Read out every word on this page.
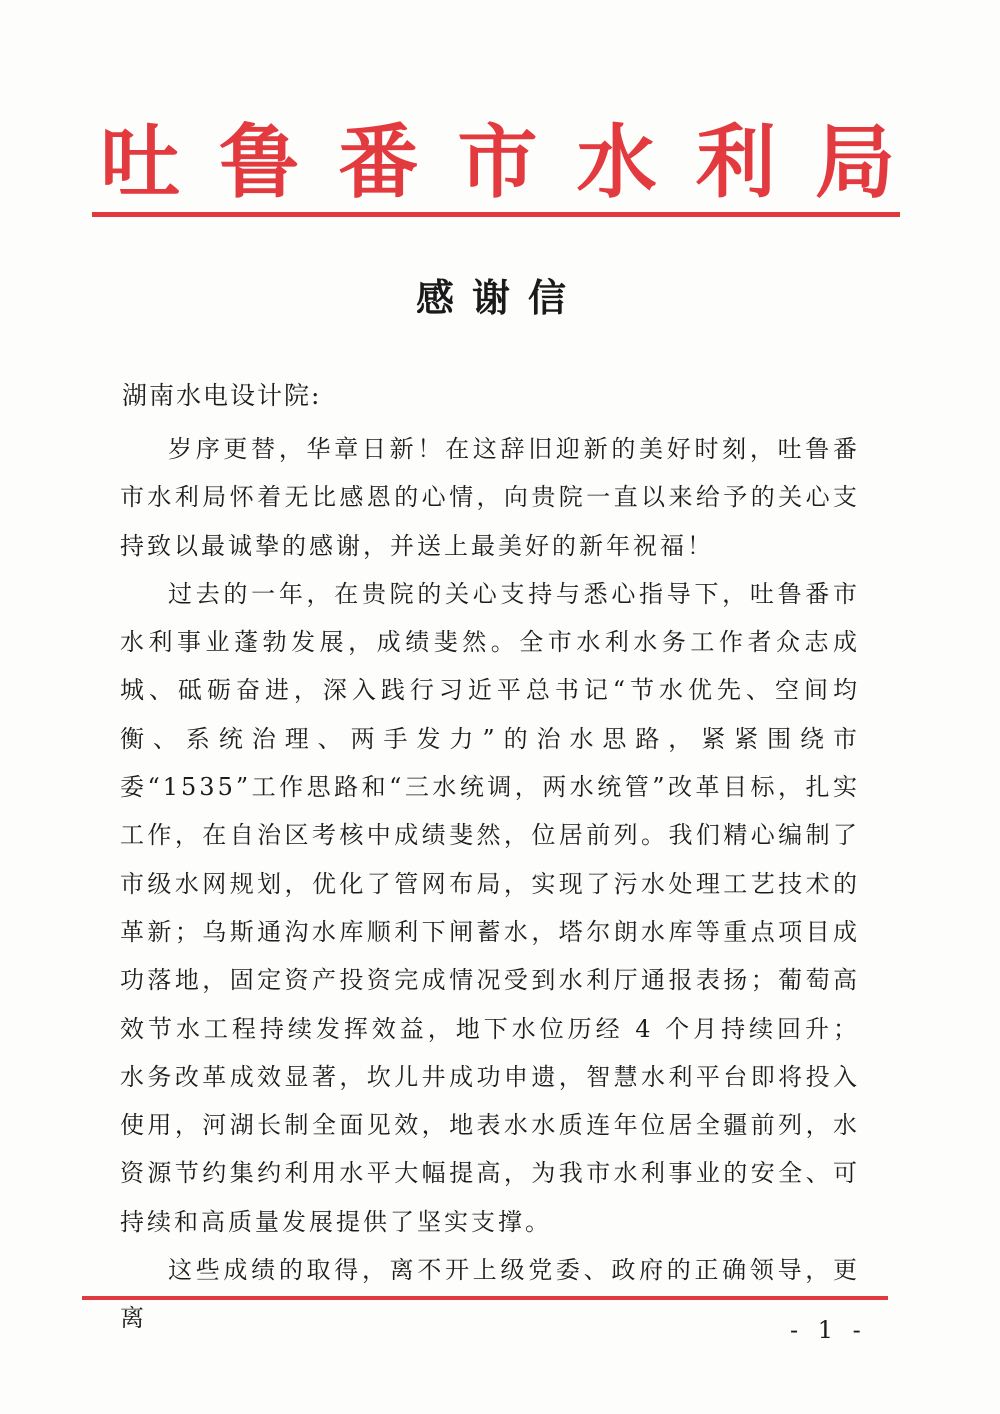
吐 鲁 番 市 水 利 局
感谢信
湖南水电设计院:

岁序更替，华章日新！在这辞旧迎新的美好时刻，吐鲁番市水利局怀着无比感恩的心情，向贵院一直以来给予的关心支持致以最诚挚的感谢，并送上最美好的新年祝福！

过去的一年，在贵院的关心支持与悉心指导下，吐鲁番市水利事业蓬勃发展，成绩斐然。全市水利水务工作者众志成城、砥砺奋进，深入践行习近平总书记“节水优先、空间均衡、系统治理、两手发力”的治水思路，紧紧围绕市委“1535”工作思路和“三水统调，两水统管”改革目标，扎实工作，在自治区考核中成绩斐然，位居前列。我们精心编制了市级水网规划，优化了管网布局，实现了污水处理工艺技术的革新；乌斯通沟水库顺利下闸蓄水，塔尔朗水库等重点项目成功落地，固定资产投资完成情况受到水利厅通报表扬；葡萄高效节水工程持续发挥效益，地下水位历经 4 个月持续回升；水务改革成效显著，坎儿井成功申遗，智慧水利平台即将投入使用，河湖长制全面见效，地表水水质连年位居全疆前列，水资源节约集约利用水平大幅提高，为我市水利事业的安全、可持续和高质量发展提供了坚实支撑。

这些成绩的取得，离不开上级党委、政府的正确领导，更离	- 1 -
